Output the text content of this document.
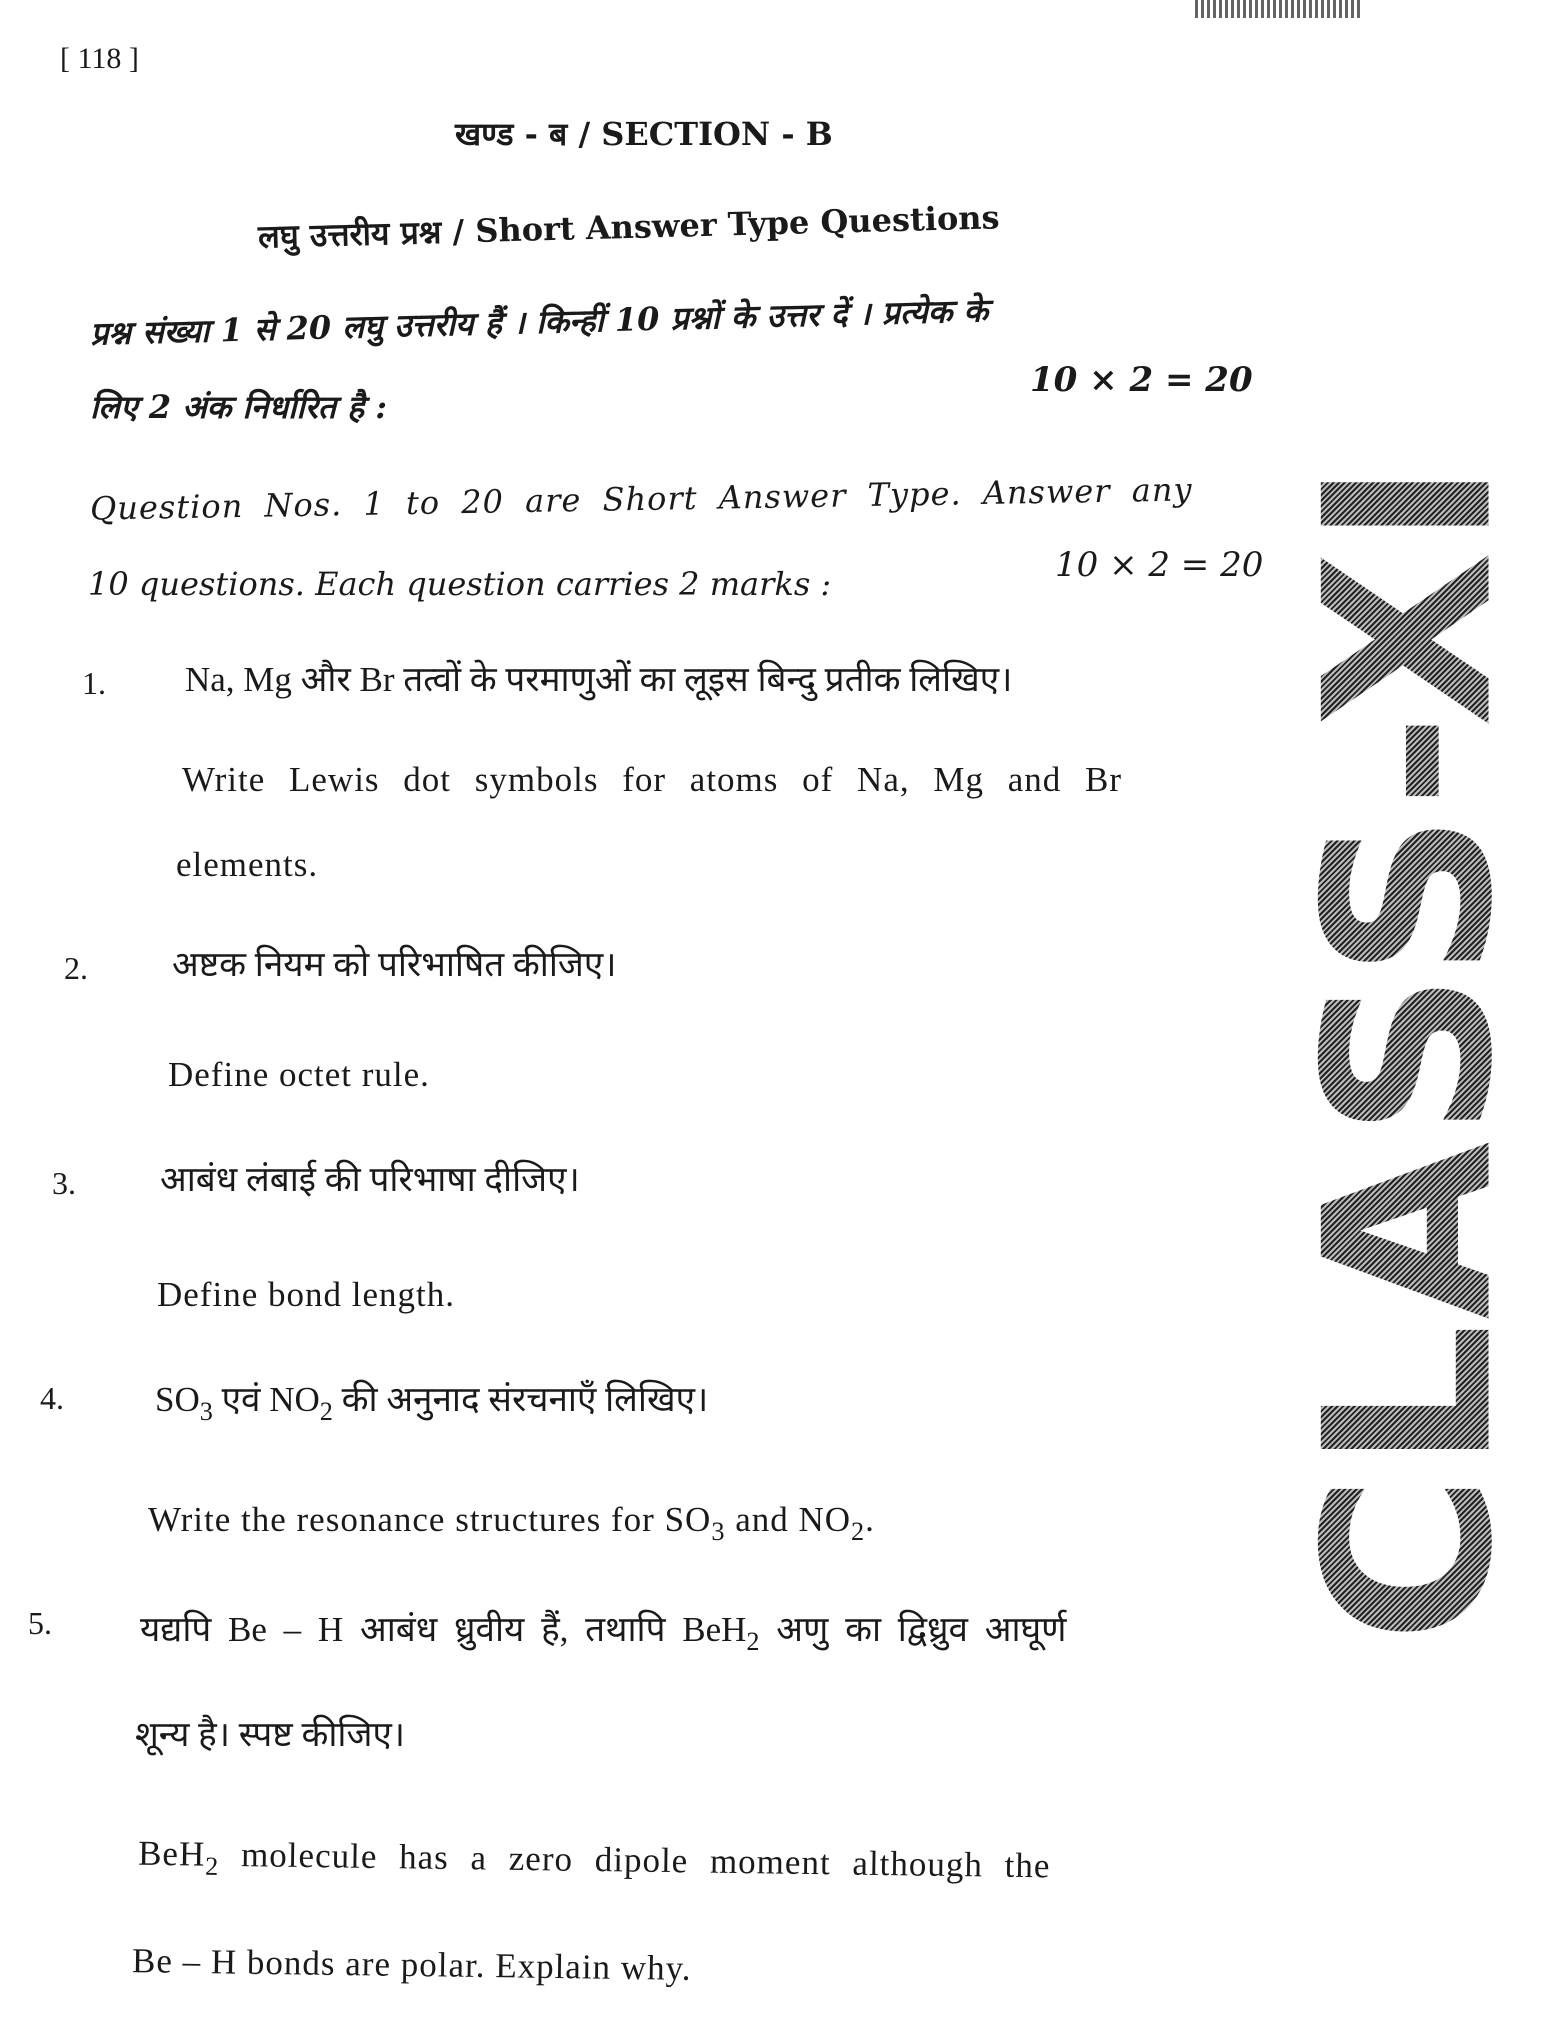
CLASS-XI
[ 118 ]
खण्ड - ब / SECTION - B
लघु उत्तरीय प्रश्न / Short Answer Type Questions
प्रश्न संख्या 1 से 20 लघु उत्तरीय हैं । किन्हीं 10 प्रश्नों के उत्तर दें । प्रत्येक के
लिए 2 अंक निर्धारित है :
10 × 2 = 20
Question Nos. 1 to 20 are Short Answer Type. Answer any
10 questions. Each question carries 2 marks :	10 × 2 = 20
1. Na, Mg और Br तत्वों के परमाणुओं का लूइस बिन्दु प्रतीक लिखिए।
Write Lewis dot symbols for atoms of Na, Mg and Br
elements.
2. अष्टक नियम को परिभाषित कीजिए।
Define octet rule.
3. आबंध लंबाई की परिभाषा दीजिए।
Define bond length.
4.	$SO_3$ एवं $NO_2$ की अनुनाद संरचनाएँ लिखिए।
Write the resonance structures for $SO_3$ and $NO_2$.
5.	यद्यपि Be – H आबंध ध्रुवीय हैं, तथापि BeH$_2$ अणु का द्विध्रुव आघूर्ण
शून्य है। स्पष्ट कीजिए।
BeH$_2$ molecule has a zero dipole moment although the
Be – H bonds are polar. Explain why.
